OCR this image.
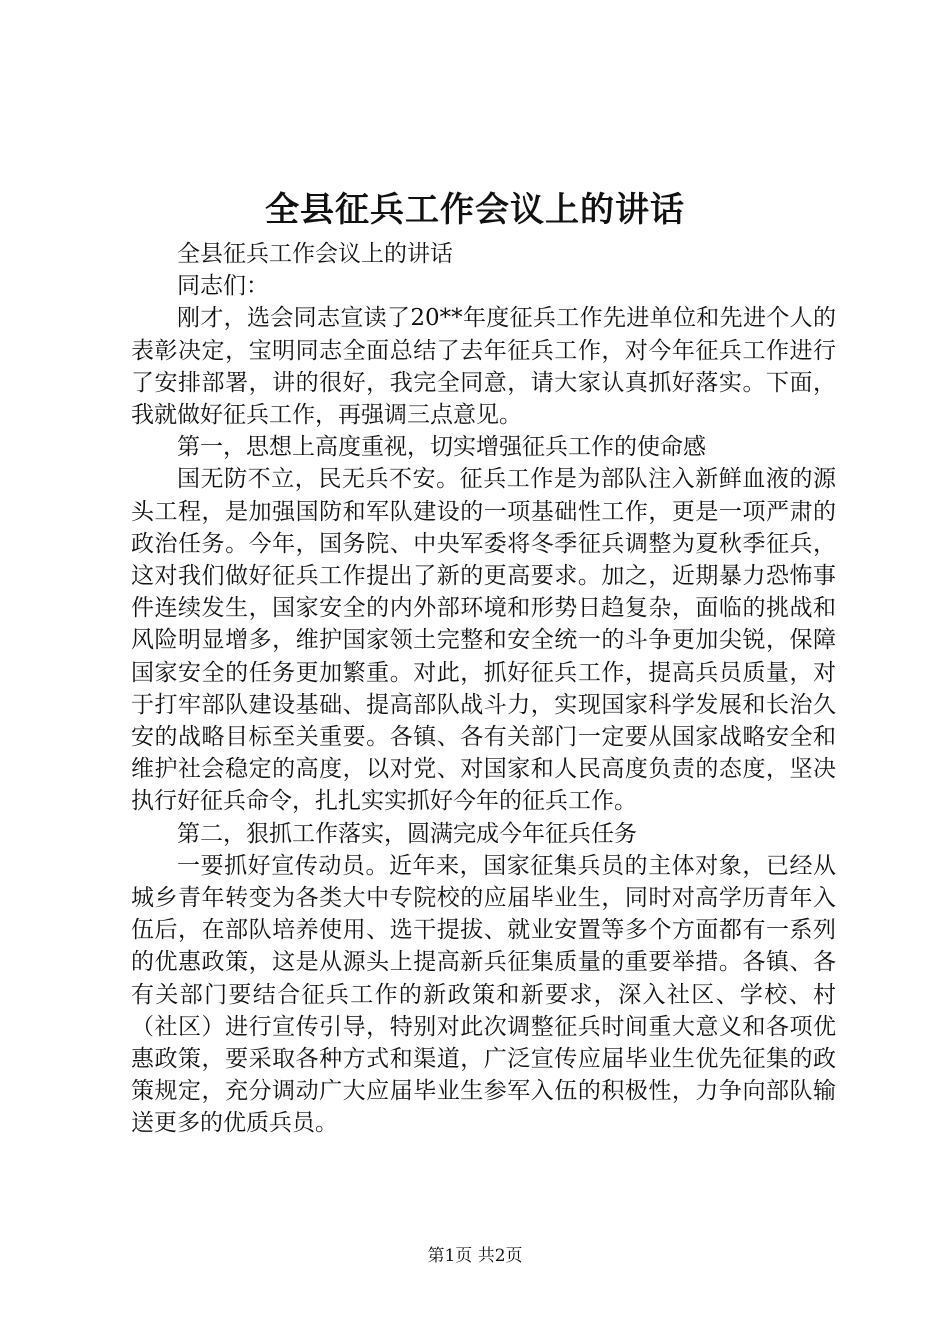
全县征兵工作会议上的讲话

全县征兵工作会议上的讲话

同志们：

刚才，选会同志宣读了20**年度征兵工作先进单位和先进个人的表彰决定，宝明同志全面总结了去年征兵工作，对今年征兵工作进行了安排部署，讲的很好，我完全同意，请大家认真抓好落实。下面，我就做好征兵工作，再强调三点意见。

第一，思想上高度重视，切实增强征兵工作的使命感

国无防不立，民无兵不安。征兵工作是为部队注入新鲜血液的源头工程，是加强国防和军队建设的一项基础性工作，更是一项严肃的政治任务。今年，国务院、中央军委将冬季征兵调整为夏秋季征兵，这对我们做好征兵工作提出了新的更高要求。加之，近期暴力恐怖事件连续发生，国家安全的内外部环境和形势日趋复杂，面临的挑战和风险明显增多，维护国家领土完整和安全统一的斗争更加尖锐，保障国家安全的任务更加繁重。对此，抓好征兵工作，提高兵员质量，对于打牢部队建设基础、提高部队战斗力，实现国家科学发展和长治久安的战略目标至关重要。各镇、各有关部门一定要从国家战略安全和维护社会稳定的高度，以对党、对国家和人民高度负责的态度，坚决执行好征兵命令，扎扎实实抓好今年的征兵工作。

第二，狠抓工作落实，圆满完成今年征兵任务

一要抓好宣传动员。近年来，国家征集兵员的主体对象，已经从城乡青年转变为各类大中专院校的应届毕业生，同时对高学历青年入伍后，在部队培养使用、选干提拔、就业安置等多个方面都有一系列的优惠政策，这是从源头上提高新兵征集质量的重要举措。各镇、各有关部门要结合征兵工作的新政策和新要求，深入社区、学校、村（社区）进行宣传引导，特别对此次调整征兵时间重大意义和各项优惠政策，要采取各种方式和渠道，广泛宣传应届毕业生优先征集的政策规定，充分调动广大应届毕业生参军入伍的积极性，力争向部队输送更多的优质兵员。

第1页 共2页
